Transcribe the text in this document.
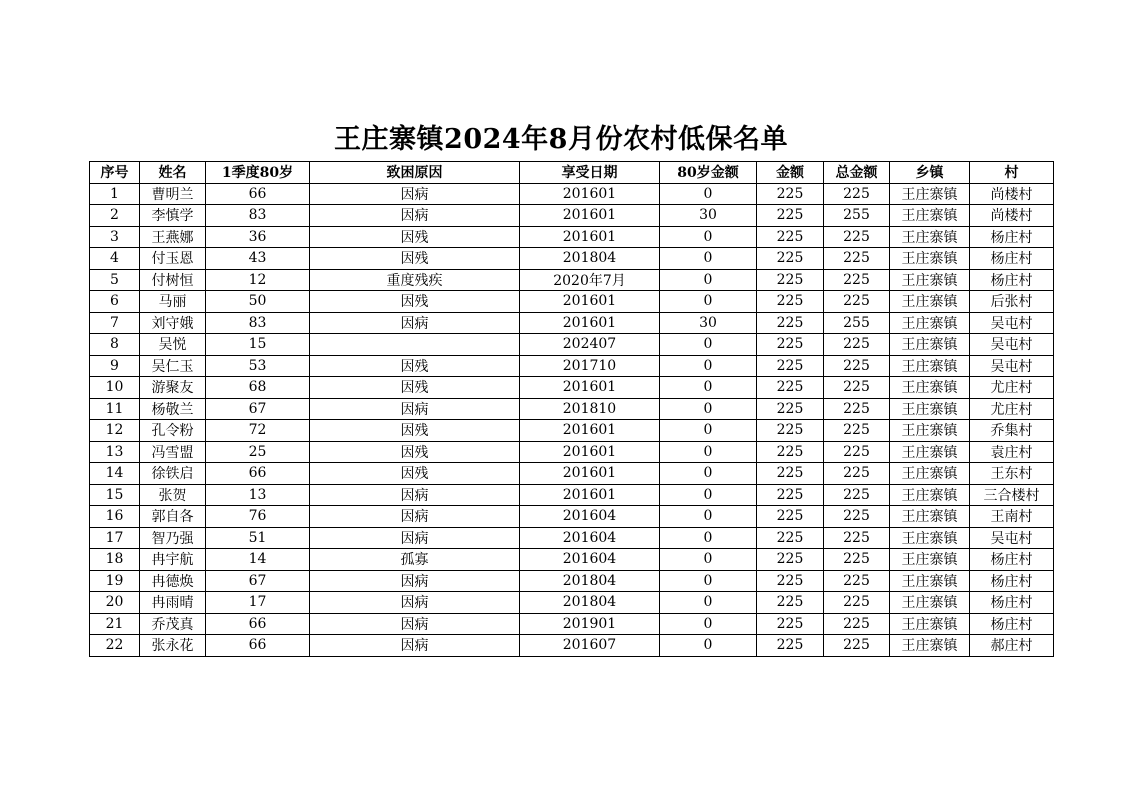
王庄寨镇2024年8月份农村低保名单
序号	姓名	1季度80岁	致困原因	享受日期	80岁金额	金额	总金额	乡镇	村
1	曹明兰	66	因病	201601	0	225	225	王庄寨镇	尚楼村
2	李慎学	83	因病	201601	30	225	255	王庄寨镇	尚楼村
3	王燕娜	36	因残	201601	0	225	225	王庄寨镇	杨庄村
4	付玉恩	43	因残	201804	0	225	225	王庄寨镇	杨庄村
5	付树恒	12	重度残疾	2020年7月	0	225	225	王庄寨镇	杨庄村
6	马丽	50	因残	201601	0	225	225	王庄寨镇	后张村
7	刘守娥	83	因病	201601	30	225	255	王庄寨镇	吴屯村
8	吴悦	15		202407	0	225	225	王庄寨镇	吴屯村
9	吴仁玉	53	因残	201710	0	225	225	王庄寨镇	吴屯村
10	游聚友	68	因残	201601	0	225	225	王庄寨镇	尤庄村
11	杨敬兰	67	因病	201810	0	225	225	王庄寨镇	尤庄村
12	孔令粉	72	因残	201601	0	225	225	王庄寨镇	乔集村
13	冯雪盟	25	因残	201601	0	225	225	王庄寨镇	袁庄村
14	徐铁启	66	因残	201601	0	225	225	王庄寨镇	王东村
15	张贺	13	因病	201601	0	225	225	王庄寨镇	三合楼村
16	郭自各	76	因病	201604	0	225	225	王庄寨镇	王南村
17	智乃强	51	因病	201604	0	225	225	王庄寨镇	吴屯村
18	冉宇航	14	孤寡	201604	0	225	225	王庄寨镇	杨庄村
19	冉德焕	67	因病	201804	0	225	225	王庄寨镇	杨庄村
20	冉雨晴	17	因病	201804	0	225	225	王庄寨镇	杨庄村
21	乔茂真	66	因病	201901	0	225	225	王庄寨镇	杨庄村
22	张永花	66	因病	201607	0	225	225	王庄寨镇	郝庄村
